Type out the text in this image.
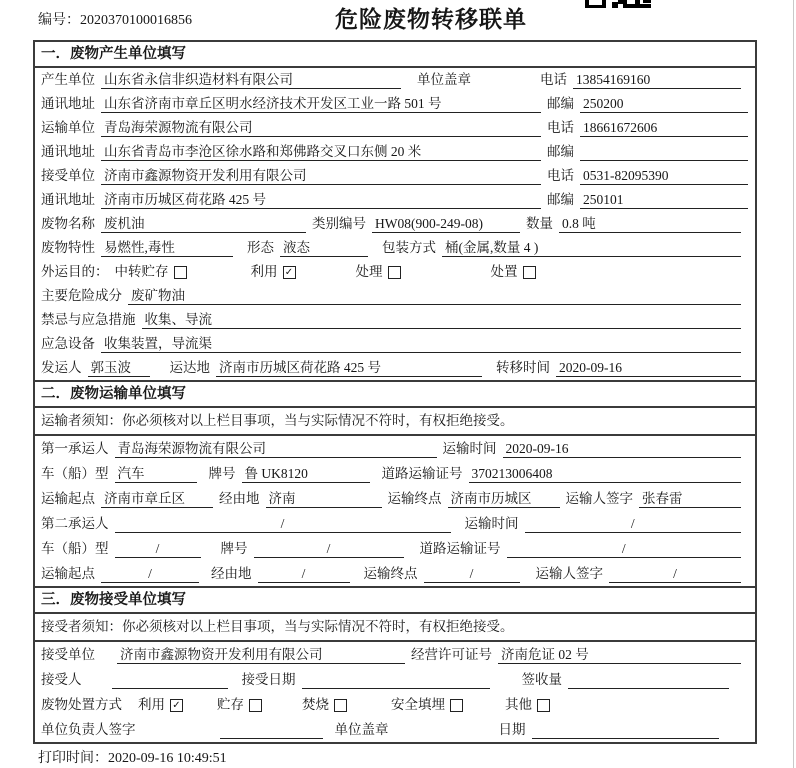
编号：2020370100016856	危险废物转移联单
一．废物产生单位填写
产生单位 山东省永信非织造材料有限公司	单位盖章	电话 13854169160
通讯地址 山东省济南市章丘区明水经济技术开发区工业一路 501 号	邮编 250200
运输单位 青岛海荣源物流有限公司	电话 18661672606
通讯地址 山东省青岛市李沧区徐水路和郑佛路交叉口东侧 20 米	邮编
接受单位 济南市鑫源物资开发利用有限公司	电话 0531-82095390
通讯地址 济南市历城区荷花路 425 号	邮编 250101
废物名称 废机油	类别编号 HW08(900-249-08)	数量 0.8 吨
废物特性 易燃性,毒性	形态 液态	包装方式 桶(金属,数量 4 )
外运目的： 中转贮存	利用 ✓	处理	处置
主要危险成分 废矿物油
禁忌与应急措施 收集、导流
应急设备 收集装置，导流渠
发运人 郭玉波	运达地 济南市历城区荷花路 425 号	转移时间 2020-09-16
二．废物运输单位填写
运输者须知：你必须核对以上栏目事项，当与实际情况不符时，有权拒绝接受。
第一承运人 青岛海荣源物流有限公司	运输时间 2020-09-16
车（船）型 汽车	牌号 鲁 UK8120	道路运输证号 370213006408
运输起点 济南市章丘区	经由地 济南	运输终点 济南市历城区	运输人签字 张春雷
第二承运人	/	运输时间	/
车（船）型	/	牌号	/	道路运输证号	/
运输起点	/	经由地	/	运输终点	/	运输人签字	/
三．废物接受单位填写
接受者须知：你必须核对以上栏目事项，当与实际情况不符时，有权拒绝接受。
接受单位 济南市鑫源物资开发利用有限公司	经营许可证号 济南危证 02 号
接受人	接受日期	签收量
废物处置方式 利用 ✓	贮存	焚烧	安全填埋	其他
单位负责人签字	单位盖章	日期
打印时间：2020-09-16 10:49:51
